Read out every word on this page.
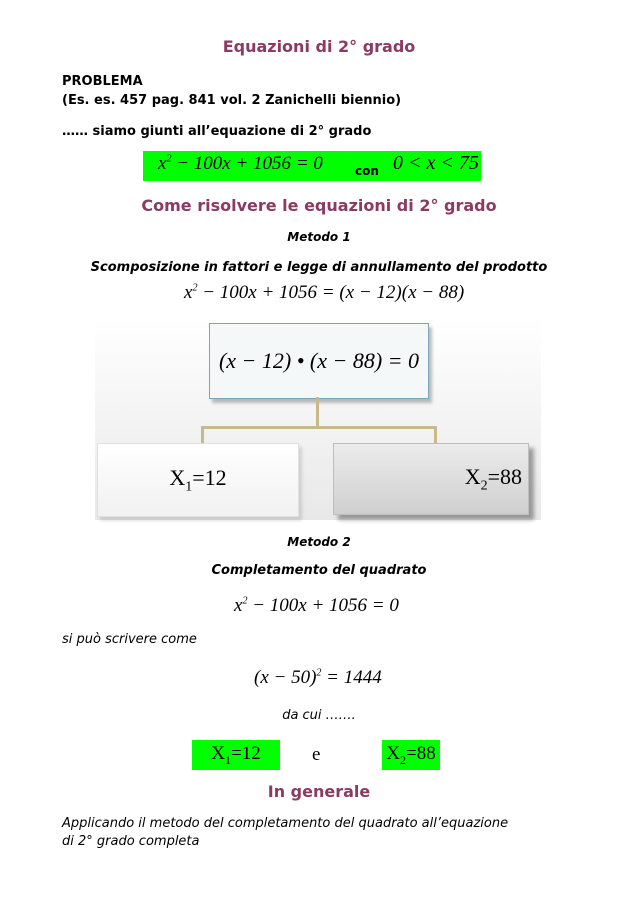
Equazioni di 2° grado
PROBLEMA
(Es. es. 457 pag. 841 vol. 2 Zanichelli biennio)
…… siamo giunti all’equazione di 2° grado
$x^2 - 100x + 1056 = 0$	con 0 < x < 75
Come risolvere le equazioni di 2° grado
Metodo 1
Scomposizione in fattori e legge di annullamento del prodotto
$x^2 - 100x + 1056 = (x - 12)(x - 88)$
(x − 12) • (x − 88) = 0
$X_1=12$	$X_2=88$
Metodo 2
Completamento del quadrato
$x^2 - 100x + 1056 = 0$
si può scrivere come
$(x - 50)^2 = 1444$
da cui …….
$X_1=12$	e	$X_2=88$
In generale
Applicando il metodo del completamento del quadrato all’equazione
di 2° grado completa
